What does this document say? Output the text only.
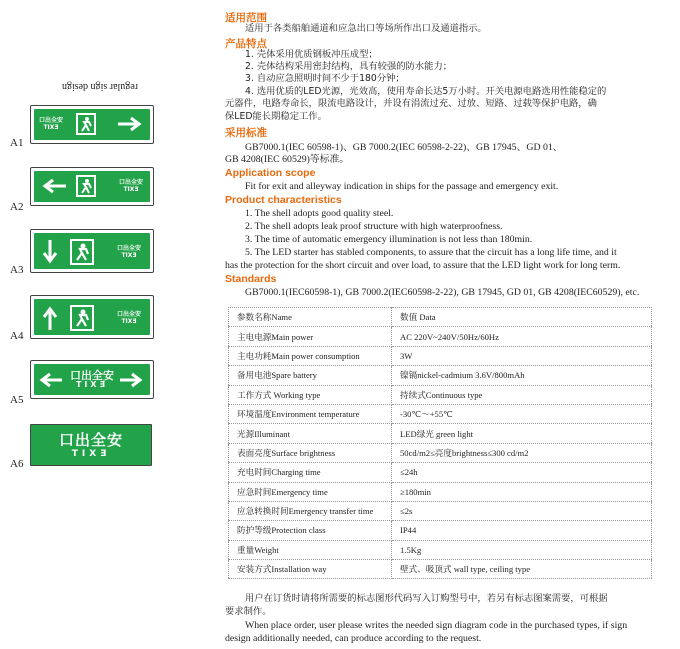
regular sign design
A1
口出全安
TIXƎ
A2
口出全安
TIXƎ
A3
口出全安
TIXƎ
A4
口出全安
TIXƎ
A5
口出全安
TIXƎ
A6
口出全安
TIXƎ
适用范围
适用于各类船舶通道和应急出口等场所作出口及通道指示。
产品特点
1. 壳体采用优质钢板冲压成型；
2. 壳体结构采用密封结构，具有较强的防水能力；
3. 自动应急照明时间不少于180分钟；
4. 选用优质的LED光源，光效高，使用寿命长达5万小时。开关电源电路选用性能稳定的
元器件，电路寿命长，限流电路设计，并设有涓流过充、过放、短路、过载等保护电路，确
保LED能长期稳定工作。
采用标准
GB7000.1(IEC 60598-1)、GB 7000.2(IEC 60598-2-22)、GB 17945、GD 01、
GB 4208(IEC 60529)等标准。
Application scope
Fit for exit and alleyway indication in ships for the passage and emergency exit.
Product characteristics
1. The shell adopts good quality steel.
2. The shell adopts leak proof structure with high waterproofness.
3. The time of automatic emergency illumination is not less than 180min.
5. The LED starter has stabled components, to assure that the circuit has a long life time, and it
has the protection for the short circuit and over load, to assure that the LED light work for long term.
Standards
GB7000.1(IEC60598-1), GB 7000.2(IEC60598-2-22), GB 17945, GD 01, GB 4208(IEC60529), etc.
参数名称Name	数值 Data
主电电源Main power	AC 220V~240V/50Hz/60Hz
主电功耗Main power consumption	3W
备用电池Spare battery	镍镉nickel-cadmium 3.6V/800mAh
工作方式 Working type	持续式Continuous type
环境温度Environment temperature	-30℃～+55℃
光源Illuminant	LED绿光 green light
表面亮度Surface brightness	50cd/m2≤亮度brightness≤300 cd/m2
充电时间Charging time	≤24h
应急时间Emergency time	≥180min
应急转换时间Emergency transfer time	≤2s
防护等级Protection class	IP44
重量Weight	1.5Kg
安装方式Installation way	壁式、吸顶式 wall type, ceiling type
用户在订货时请将所需要的标志图形代码写入订购型号中，若另有标志图案需要，可根据
要求制作。
When place order, user please writes the needed sign diagram code in the purchased types, if sign
design additionally needed, can produce according to the request.
